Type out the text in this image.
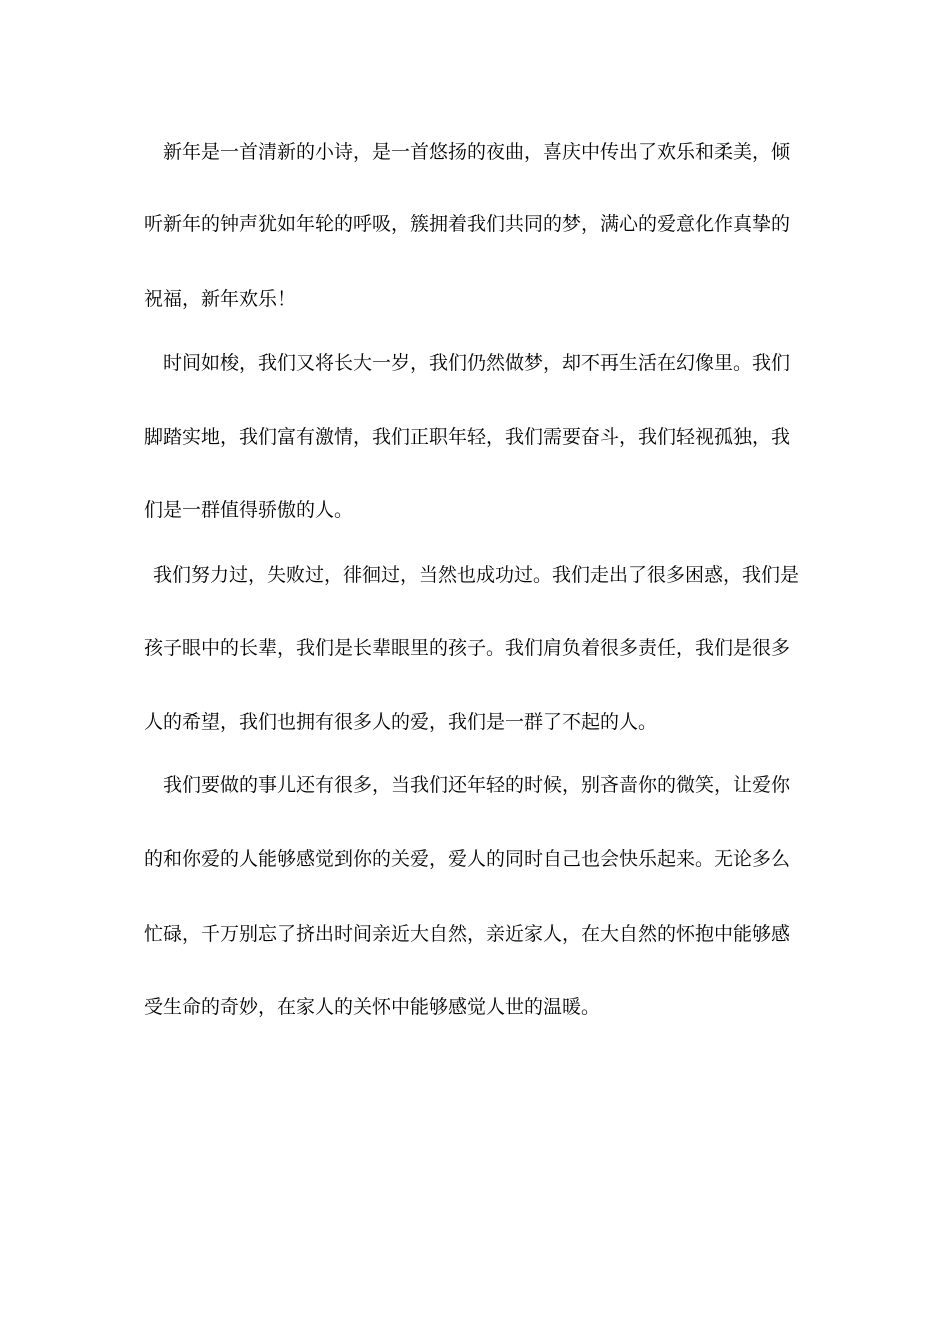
新年是一首清新的小诗，是一首悠扬的夜曲，喜庆中传出了欢乐和柔美，倾
听新年的钟声犹如年轮的呼吸，簇拥着我们共同的梦，满心的爱意化作真挚的
祝福，新年欢乐！
时间如梭，我们又将长大一岁，我们仍然做梦，却不再生活在幻像里。我们
脚踏实地，我们富有激情，我们正职年轻，我们需要奋斗，我们轻视孤独，我
们是一群值得骄傲的人。
我们努力过，失败过，徘徊过，当然也成功过。我们走出了很多困惑，我们是
孩子眼中的长辈，我们是长辈眼里的孩子。我们肩负着很多责任，我们是很多
人的希望，我们也拥有很多人的爱，我们是一群了不起的人。
我们要做的事儿还有很多，当我们还年轻的时候，别吝啬你的微笑，让爱你
的和你爱的人能够感觉到你的关爱，爱人的同时自己也会快乐起来。无论多么
忙碌，千万别忘了挤出时间亲近大自然，亲近家人，在大自然的怀抱中能够感
受生命的奇妙，在家人的关怀中能够感觉人世的温暖。
